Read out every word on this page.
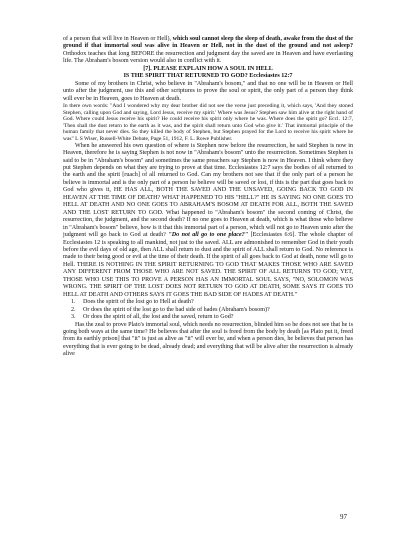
of a person that will live in Heaven or Hell), which soul cannot sleep the sleep of death, awake from the dust of the ground if that immortal soul was alive in Heaven or Hell, not in the dust of the ground and not asleep? Orthodox teaches that long BEFORE the resurrection and judgment day the saved are in Heaven and have everlasting life. The Abraham's bosom version would also in conflict with it.

[7]. PLEASE EXPLAIN HOW A SOUL IN HELL

IS THE SPIRIT THAT RETURNED TO GOD? Ecclesiastes 12:7

Some of my brothers in Christ, who believe in "Abraham's bosom," and that no one will be in Heaven or Hell unto after the judgment, use this and other scriptures to prove the soul or spirit, the only part of a person they think will ever be in Heaven, goes to Heaven at death.

In there own words: "And I wondered why my dear brother did not see the verse just preceding it, which says, 'And they stoned Stephen, calling upon God and saying, Lord Jesus, receive my spirit.' Where was Jesus? Stephen saw him alive at the right hand of God. Where could Jesus receive his spirit? He could receive his spirit only where he was. Where does the spirit go? Eccl. 12:7, 'Then shall the dust return to the earth as it was, and the spirit shall return unto God who give it.' That immortal principle of the human family that never dies. So they killed the body of Stephen, but Stephen prayed for the Lord to receive his spirit where he was" L S Wiser, Russell-White Debate, Page 51, 1912, F. L. Rowe Publisher.

When he answered his own question of where is Stephen now before the resurrection, he said Stephen is now in Heaven, therefore he is saying Stephen is not now in "Abraham's bosom" unto the resurrection. Sometimes Stephen is said to be in "Abraham's bosom" and sometimes the same preachers say Stephen is now in Heaven. I think where they put Stephen depends on what they are trying to prove at that time. Ecclesiastes 12:7 says the bodies of all returned to the earth and the spirit [ruach] of all returned to God. Can my brothers not see that if the only part of a person he believe is immortal and is the only part of a person he believe will be saved or lost, if this is the part that goes back to God who gives it, HE HAS ALL, BOTH THE SAVED AND THE UNSAVED, GOING BACK TO GOD IN HEAVEN AT THE TIME OF DEATH? WHAT HAPPENED TO HIS "HELL?" HE IS SAYING NO ONE GOES TO HELL AT DEATH AND NO ONE GOES TO ABRAHAM'S BOSOM AT DEATH FOR ALL, BOTH THE SAVED AND THE LOST RETURN TO GOD. What happened to "Abraham's bosom" the second coming of Christ, the resurrection, the judgment, and the second death? If no one goes to Heaven at death, which is what those who believe in "Abraham's bosom" believe, how is it that this immortal part of a person, which will not go to Heaven unto after the judgment will go back to God at death? "Do not all go to one place?" [Ecclesiastes 6:6]. The whole chapter of Ecclesiastes 12 is speaking to all mankind, not just to the saved. ALL are admonished to remember God in their youth before the evil days of old age, then ALL shall return to dust and the spirit of ALL shall return to God. No reference is made to their being good or evil at the time of their death. If the spirit of all goes back to God at death, none will go to Hell. THERE IS NOTHING IN THE SPIRIT RETURNING TO GOD THAT MAKES THOSE WHO ARE SAVED ANY DIFFERENT FROM THOSE WHO ARE NOT SAVED. THE SPIRIT OF ALL RETURNS TO GOD; YET, THOSE WHO USE THIS TO PROVE A PERSON HAS AN IMMORTAL SOUL SAYS, "NO, SOLOMON WAS WRONG. THE SPIRIT OF THE LOST DOES NOT RETURN TO GOD AT DEATH, SOME SAYS IT GOES TO HELL AT DEATH AND OTHERS SAYS IT GOES THE BAD SIDE OF HADES AT DEATH."

1. Does the spirit of the lost go to Hell at death?
2. Or does the spirit of the lost go to the bad side of hades (Abraham's bosom)?
3. Or does the spirit of all, the lost and the saved, return to God?

Has the zeal to prove Plato's immortal soul, which needs no resurrection, blinded him so he does not see that he is going both ways at the same time? He believes that after the soul is freed from the body by death [as Plato put it, freed from its earthly prison] that "it" is just as alive as "it" will ever be, and when a person dies, he believes that person has everything that is ever going to be dead, already dead; and everything that will be alive after the resurrection is already alive

97
